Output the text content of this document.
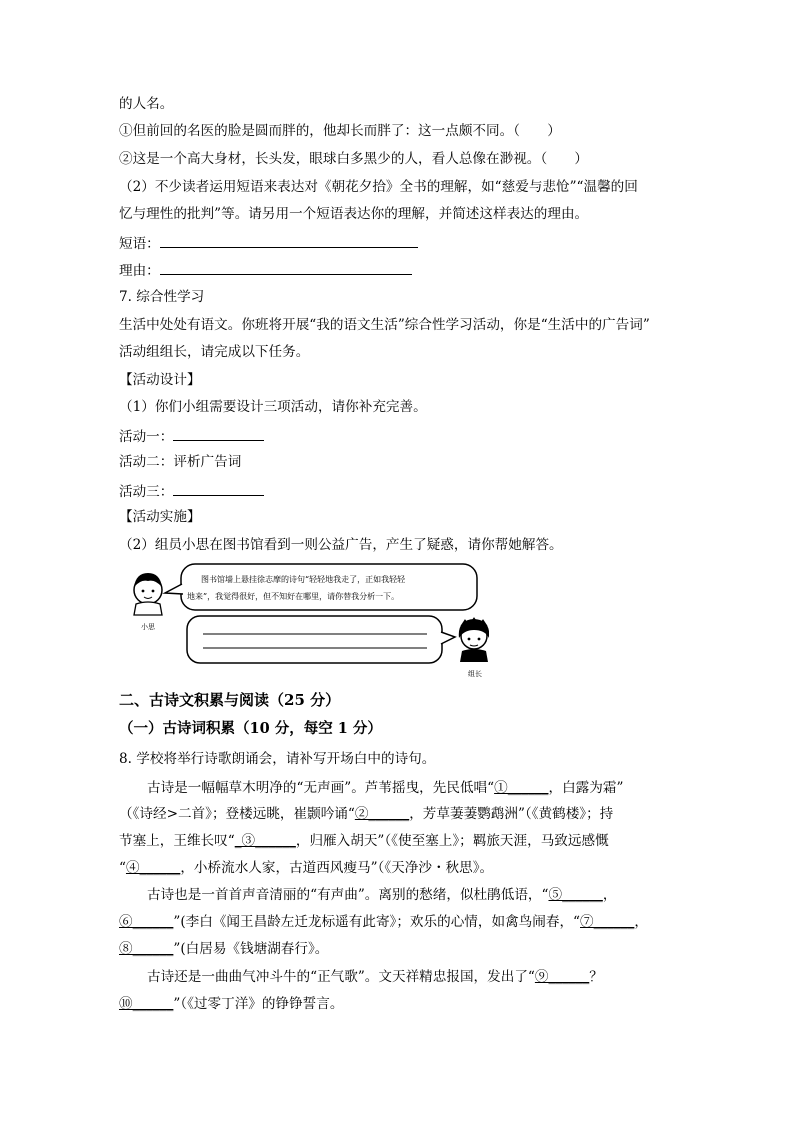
的人名。
①但前回的名医的脸是圆而胖的，他却长而胖了：这一点颇不同。（　　）
②这是一个高大身材，长头发，眼球白多黑少的人，看人总像在渺视。（　　）
（2）不少读者运用短语来表达对《朝花夕拾》全书的理解，如“慈爱与悲怆”“温馨的回
忆与理性的批判”等。请另用一个短语表达你的理解，并简述这样表达的理由。
短语：
理由：
7. 综合性学习
生活中处处有语文。你班将开展“我的语文生活”综合性学习活动，你是“生活中的广告词”
活动组组长，请完成以下任务。
【活动设计】
（1）你们小组需要设计三项活动，请你补充完善。
活动一：
活动二：评析广告词
活动三：
【活动实施】
（2）组员小思在图书馆看到一则公益广告，产生了疑惑，请你帮她解答。
小思
图书馆墙上悬挂徐志摩的诗句“轻轻地我走了，正如我轻轻
地来”，我觉得很好，但不知好在哪里，请你替我分析一下。
组长
二、古诗文积累与阅读（25 分）
（一）古诗词积累（10 分，每空 1 分）
8. 学校将举行诗歌朗诵会，请补写开场白中的诗句。
古诗是一幅幅草木明净的“无声画”。芦苇摇曳，先民低唱“①______，白露为霜”
（《诗经>二首》；登楼远眺，崔颢吟诵“②______，芳草萋萋鹦鹉洲”（《黄鹤楼》；持
节塞上，王维长叹“_③______，归雁入胡天”（《使至塞上》；羁旅天涯，马致远感慨
“④______，小桥流水人家，古道西风瘦马”（《天净沙・秋思》。
古诗也是一首首声音清丽的“有声曲”。离别的愁绪，似杜鹃低语，“⑤______，
⑥______”(李白《闻王昌龄左迁龙标遥有此寄》；欢乐的心情，如禽鸟闹春，“⑦______，
⑧______”(白居易《钱塘湖春行》。
古诗还是一曲曲气冲斗牛的“正气歌”。文天祥精忠报国，发出了“⑨______？
⑩______”（《过零丁洋》的铮铮誓言。
